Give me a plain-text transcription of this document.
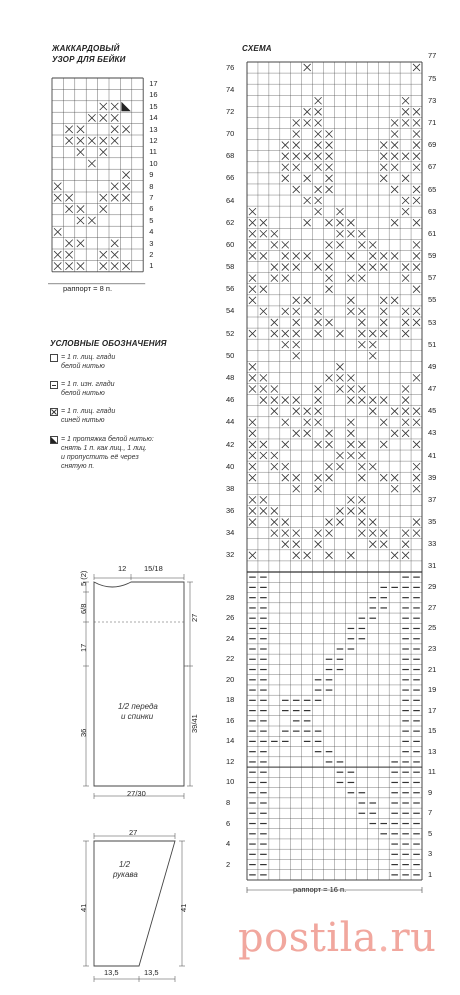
ЖАККАРДОВЫЙ
УЗОР ДЛЯ БЕЙКИ
17
16
15
14
13
12
11
10
9
8
7
6
5
4
3
2
1
раппорт = 8 п.
УСЛОВНЫЕ ОБОЗНАЧЕНИЯ
= 1 п. лиц. глади
белой нитью
= 1 п. изн. глади
белой нитью
= 1 п. лиц. глади
синей нитью
= 1 протяжка белой нитью:
снять 1 п. как лиц., 1 лиц.
и пропустить её через
снятую п.
12 15/18
5 (2)
6/8
27
17
36	39/41
27/30
1/2 переда
и спинки
27
1/2
рукава
41	41
13,5	13,5
СХЕМА
76
74
72
70
68
66
64
62
60
58
56
54
52
50
48
46
44
42
40
38
36
34
32
28
26
24
22
20
18
16
14
12
10
8
6
4
2
77
75
73
71
69
67
65
63
61
59
57
55
53
51
49
47
45
43
41
39
37
35
33
31
29
27
25
23
21
19
17
15
13
11
9
7
5
3
1
раппорт = 16 п.
postila.ru
